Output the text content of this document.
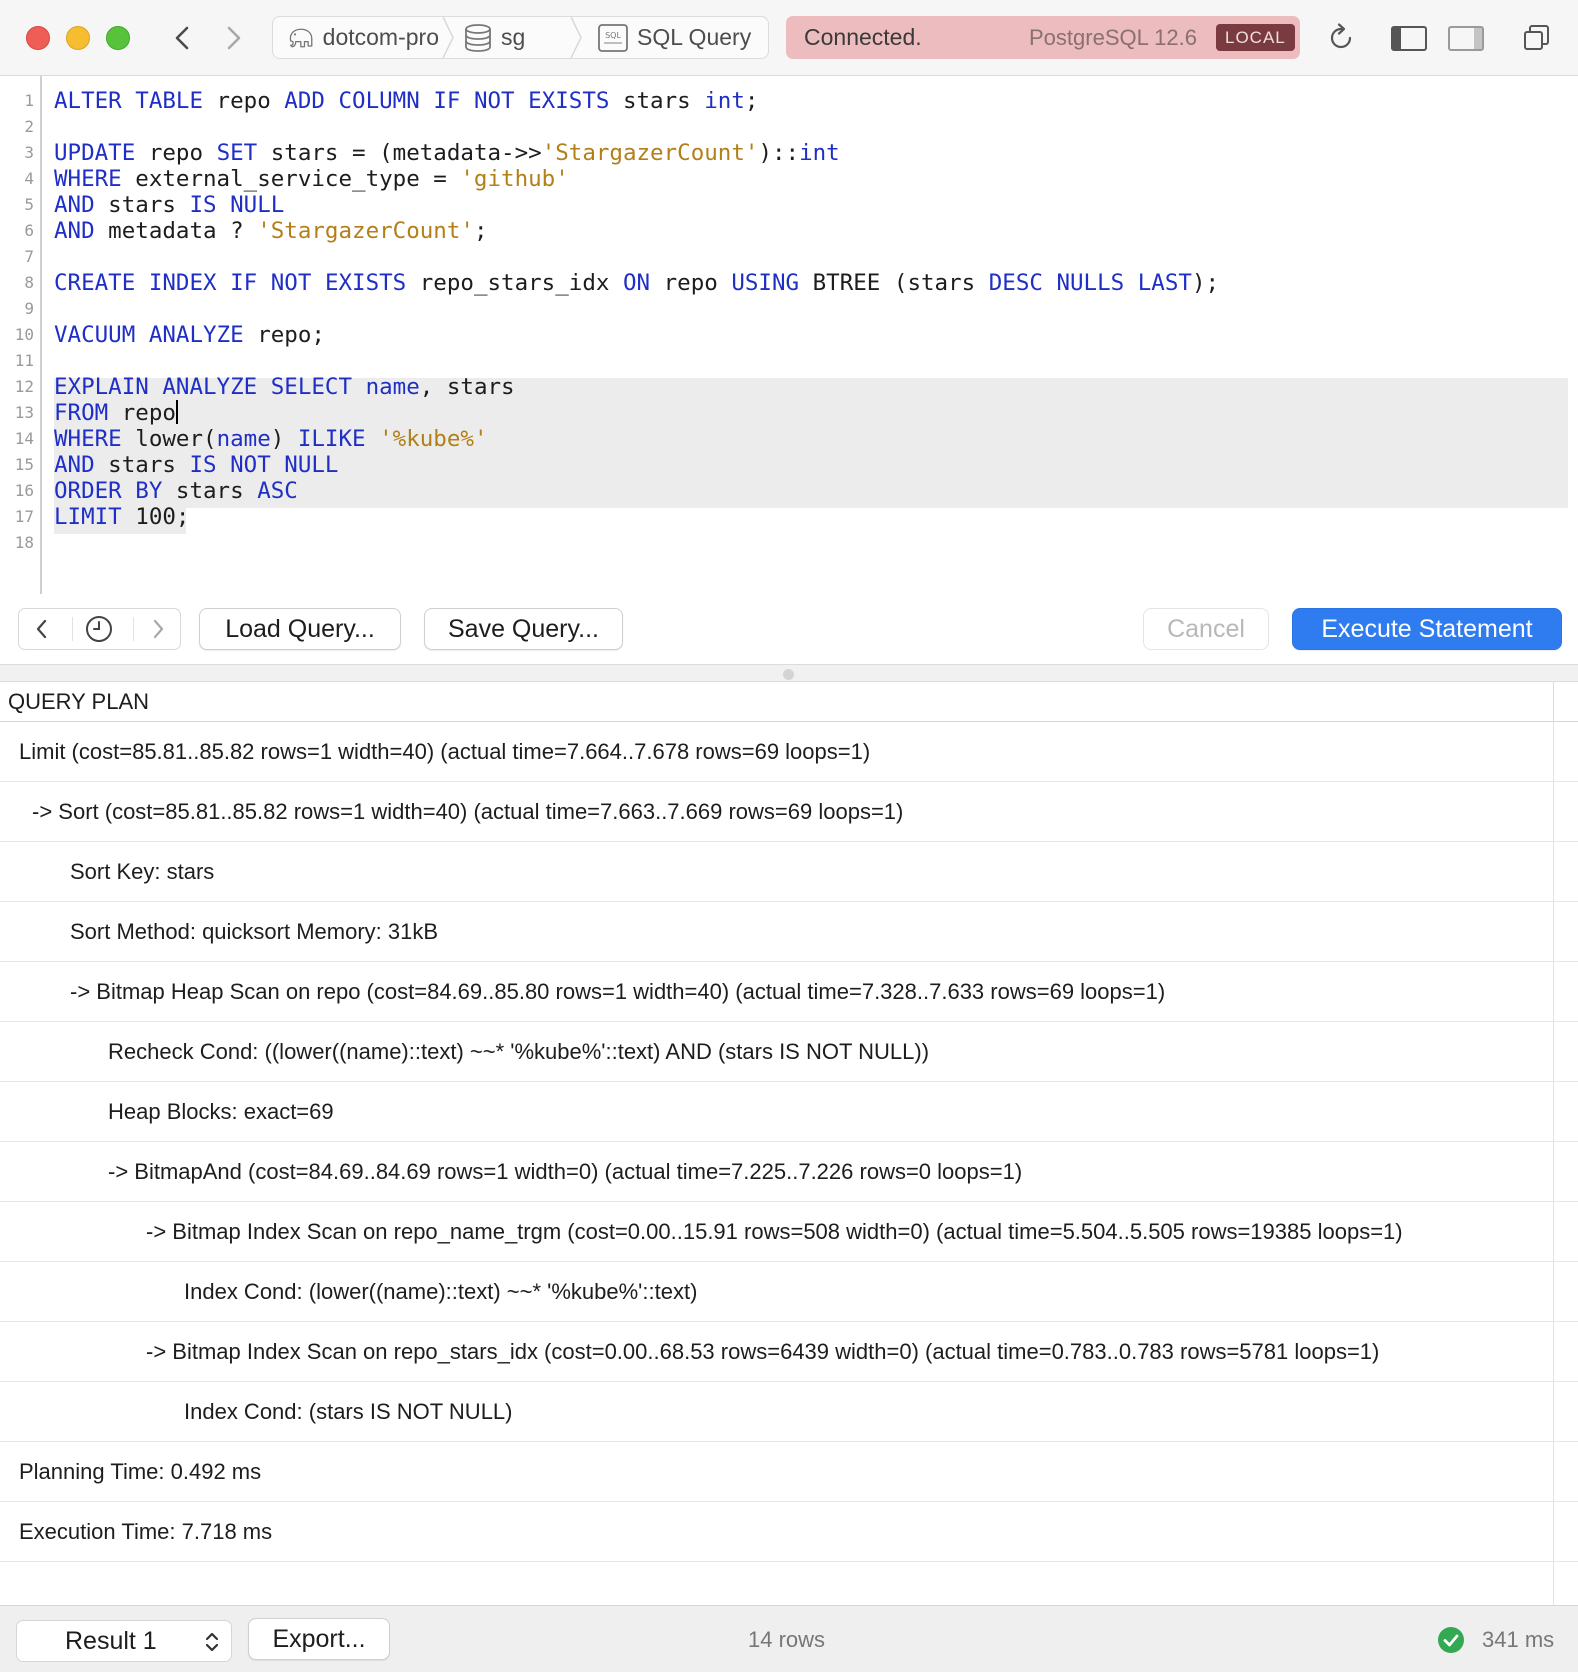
dotcom-pro	sg	SQL SQL Query Connected.	PostgreSQL 12.6	LOCAL
1
2
3
4
5
6
7
8
9
10
11
12
13
14
15
16
17
18
ALTER TABLE repo ADD COLUMN IF NOT EXISTS stars int;

UPDATE repo SET stars = (metadata->>'StargazerCount')::int
WHERE external_service_type = 'github'
AND stars IS NULL
AND metadata ? 'StargazerCount';

CREATE INDEX IF NOT EXISTS repo_stars_idx ON repo USING BTREE (stars DESC NULLS LAST);

VACUUM ANALYZE repo;

EXPLAIN ANALYZE SELECT name, stars
FROM repo
WHERE lower(name) ILIKE '%kube%'
AND stars IS NOT NULL
ORDER BY stars ASC
LIMIT 100;

Load Query...	Save Query...	Cancel	Execute Statement
QUERY PLAN
Limit (cost=85.81..85.82 rows=1 width=40) (actual time=7.664..7.678 rows=69 loops=1)
-> Sort (cost=85.81..85.82 rows=1 width=40) (actual time=7.663..7.669 rows=69 loops=1)
Sort Key: stars
Sort Method: quicksort Memory: 31kB
-> Bitmap Heap Scan on repo (cost=84.69..85.80 rows=1 width=40) (actual time=7.328..7.633 rows=69 loops=1)
Recheck Cond: ((lower((name)::text) ~~* '%kube%'::text) AND (stars IS NOT NULL))
Heap Blocks: exact=69
-> BitmapAnd (cost=84.69..84.69 rows=1 width=0) (actual time=7.225..7.226 rows=0 loops=1)
-> Bitmap Index Scan on repo_name_trgm (cost=0.00..15.91 rows=508 width=0) (actual time=5.504..5.505 rows=19385 loops=1)
Index Cond: (lower((name)::text) ~~* '%kube%'::text)
-> Bitmap Index Scan on repo_stars_idx (cost=0.00..68.53 rows=6439 width=0) (actual time=0.783..0.783 rows=5781 loops=1)
Index Cond: (stars IS NOT NULL)
Planning Time: 0.492 ms
Execution Time: 7.718 ms
Result 1	Export...	14 rows	341 ms
